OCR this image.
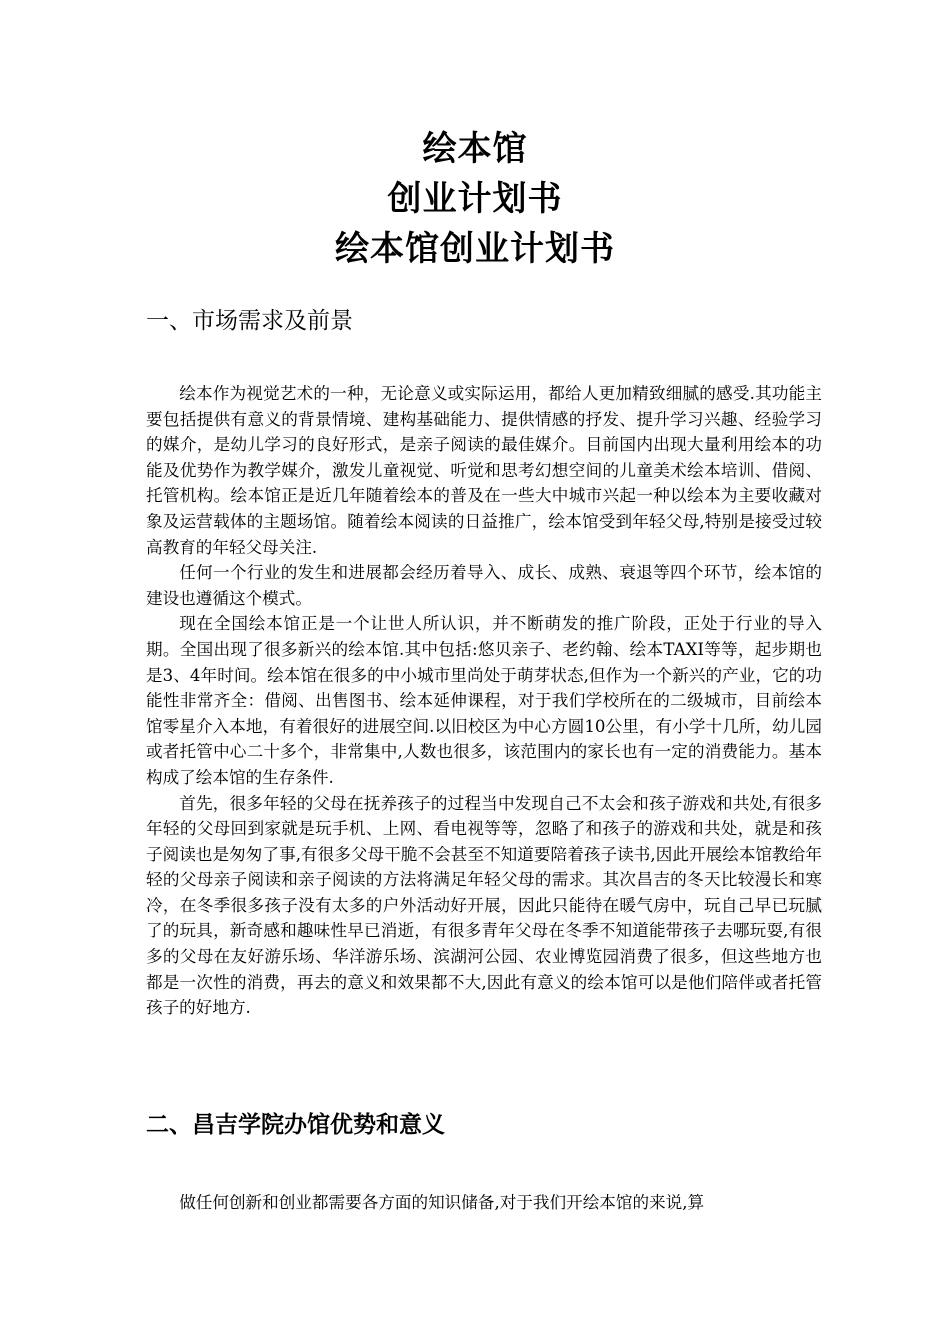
绘本馆
创业计划书
绘本馆创业计划书
一、市场需求及前景

绘本作为视觉艺术的一种，无论意义或实际运用，都给人更加精致细腻的感受.其功能主要包括提供有意义的背景情境、建构基础能力、提供情感的抒发、提升学习兴趣、经验学习的媒介，是幼儿学习的良好形式，是亲子阅读的最佳媒介。目前国内出现大量利用绘本的功能及优势作为教学媒介，激发儿童视觉、听觉和思考幻想空间的儿童美术绘本培训、借阅、托管机构。绘本馆正是近几年随着绘本的普及在一些大中城市兴起一种以绘本为主要收藏对象及运营载体的主题场馆。随着绘本阅读的日益推广，绘本馆受到年轻父母,特别是接受过较高教育的年轻父母关注.

任何一个行业的发生和进展都会经历着导入、成长、成熟、衰退等四个环节，绘本馆的建设也遵循这个模式。

现在全国绘本馆正是一个让世人所认识，并不断萌发的推广阶段，正处于行业的导入期。全国出现了很多新兴的绘本馆.其中包括:悠贝亲子、老约翰、绘本TAXI等等，起步期也是3、4年时间。绘本馆在很多的中小城市里尚处于萌芽状态,但作为一个新兴的产业，它的功能性非常齐全：借阅、出售图书、绘本延伸课程，对于我们学校所在的二级城市，目前绘本馆零星介入本地，有着很好的进展空间.以旧校区为中心方圆10公里，有小学十几所，幼儿园或者托管中心二十多个，非常集中,人数也很多，该范围内的家长也有一定的消费能力。基本构成了绘本馆的生存条件.

首先，很多年轻的父母在抚养孩子的过程当中发现自己不太会和孩子游戏和共处,有很多年轻的父母回到家就是玩手机、上网、看电视等等，忽略了和孩子的游戏和共处，就是和孩子阅读也是匆匆了事,有很多父母干脆不会甚至不知道要陪着孩子读书,因此开展绘本馆教给年轻的父母亲子阅读和亲子阅读的方法将满足年轻父母的需求。其次昌吉的冬天比较漫长和寒冷，在冬季很多孩子没有太多的户外活动好开展，因此只能待在暖气房中，玩自己早已玩腻了的玩具，新奇感和趣味性早已消逝，有很多青年父母在冬季不知道能带孩子去哪玩耍,有很多的父母在友好游乐场、华洋游乐场、滨湖河公园、农业博览园消费了很多，但这些地方也都是一次性的消费，再去的意义和效果都不大,因此有意义的绘本馆可以是他们陪伴或者托管孩子的好地方.

二、昌吉学院办馆优势和意义

做任何创新和创业都需要各方面的知识储备,对于我们开绘本馆的来说,算
